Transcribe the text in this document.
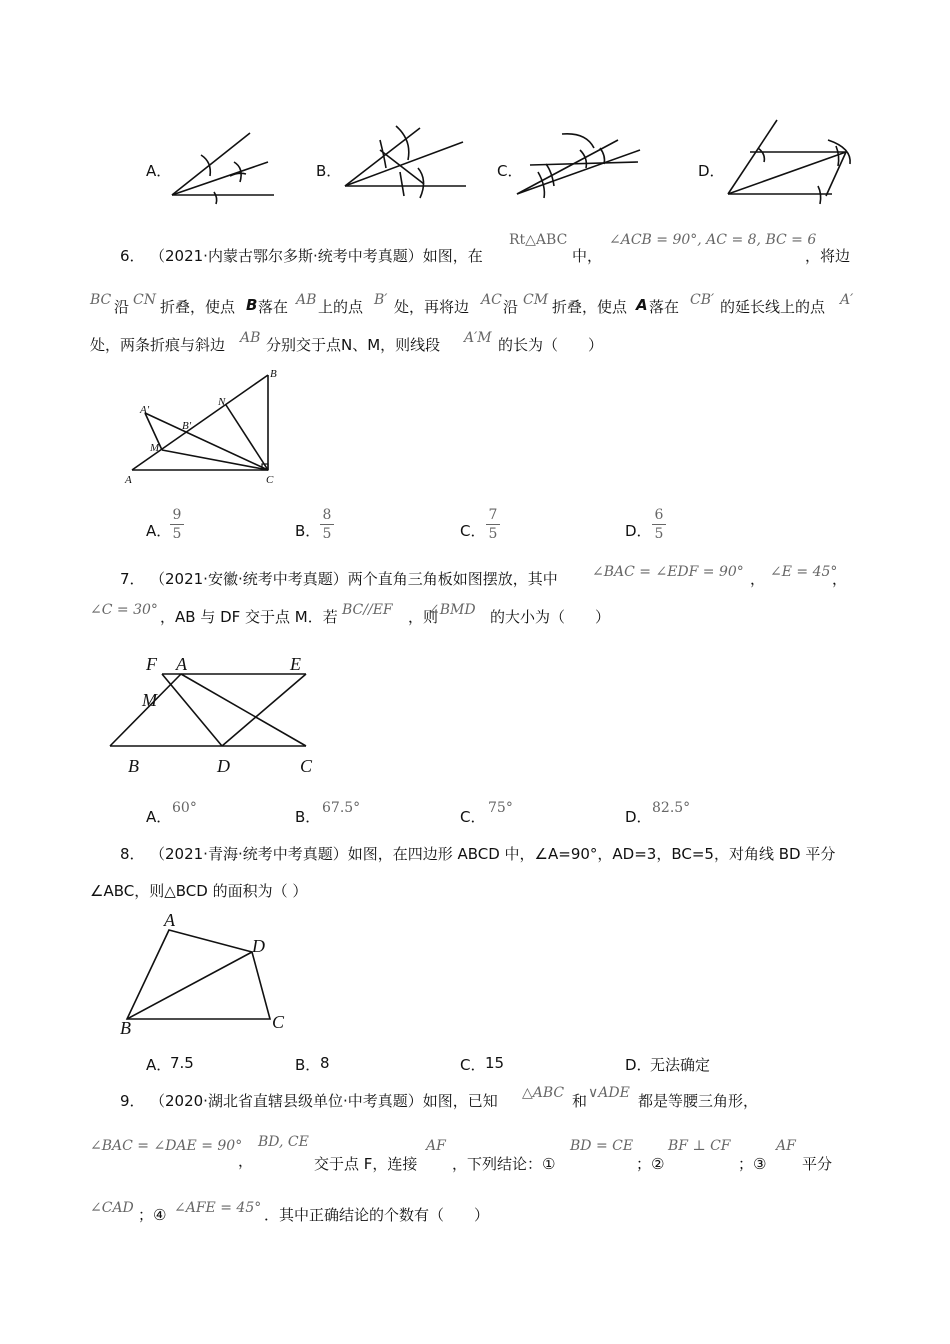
A．	B．	C．	D．
6． （2021·内蒙古鄂尔多斯·统考中考真题）如图，在
Rt△ABC
中，
∠ACB = 90°, AC = 8, BC = 6
，将边
BC 沿 CN 折叠，使点 B 落在 AB 上的点 B′ 处，再将边 AC 沿 CM 折叠，使点 A 落在 CB′ 的延长线上的点 A′
处，两条折痕与斜边 AB 分别交于点N、M，则线段 A′M 的长为（　　）
A
B
C
M
N
A'
B'
A．
$\frac{9}{5}$	B． $\frac{8}{5}$	C． $\frac{7}{5}$	D． $\frac{6}{5}$
7． （2021·安徽·统考中考真题）两个直角三角板如图摆放，其中 ∠BAC = ∠EDF = 90° ， ∠E = 45°
，
∠C = 30° ，AB 与 DF 交于点 M．若 BC//EF ，则
∠BMD 的大小为（　　）
F A	E
M
B	D	C
A． 60°	B． 67.5°	C． 75°	D． 82.5°
8． （2021·青海·统考中考真题）如图，在四边形 ABCD 中，∠A=90°，AD=3，BC=5，对角线 BD 平分
∠ABC，则△BCD 的面积为（ ）
A
D
B	C
A．
7.5	B． 8	C． 15	D．
无法确定
9． （2020·湖北省直辖县级单位·中考真题）如图，已知 △ABC 和 ∨ADE 都是等腰三角形，
∠BAC = ∠DAE = 90°
，
BD, CE
交于点 F，连接
AF
，下列结论：①
BD = CE
；②
BF ⊥ CF
；③
AF
平分
∠CAD ；④ ∠AFE = 45° ．其中正确结论的个数有（　　）
